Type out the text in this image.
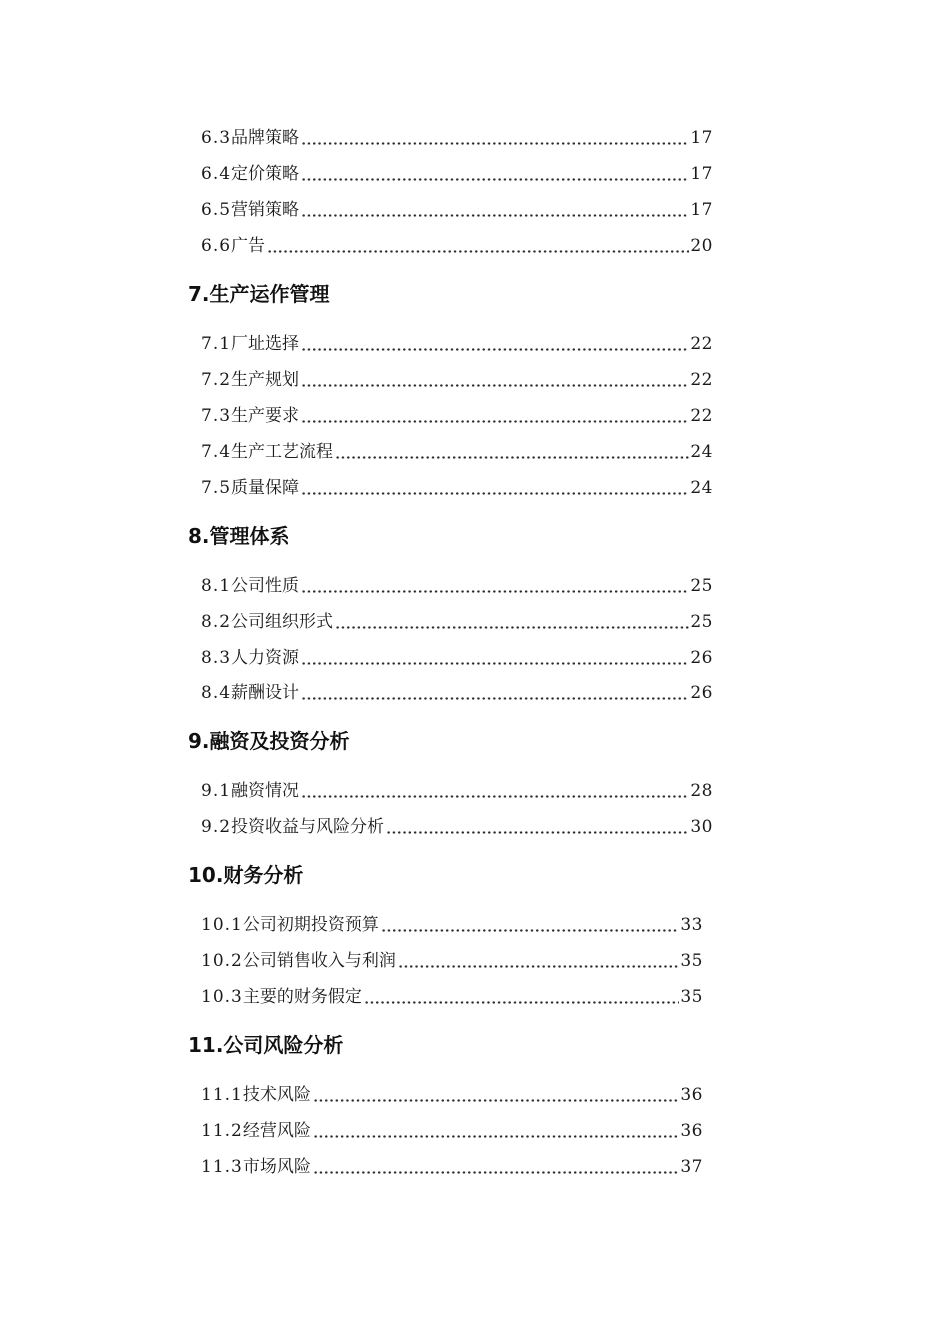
6.3品牌策略	17
6.4定价策略	17
6.5营销策略	17
6.6广告	20
7.生产运作管理
7.1厂址选择	22
7.2生产规划	22
7.3生产要求	22
7.4生产工艺流程	24
7.5质量保障	24
8.管理体系
8.1公司性质	25
8.2公司组织形式	25
8.3人力资源	26
8.4薪酬设计	26
9.融资及投资分析
9.1融资情况	28
9.2投资收益与风险分析	30
10.财务分析
10.1公司初期投资预算	33
10.2公司销售收入与利润	35
10.3主要的财务假定	35
11.公司风险分析
11.1技术风险	36
11.2经营风险	36
11.3市场风险	37
